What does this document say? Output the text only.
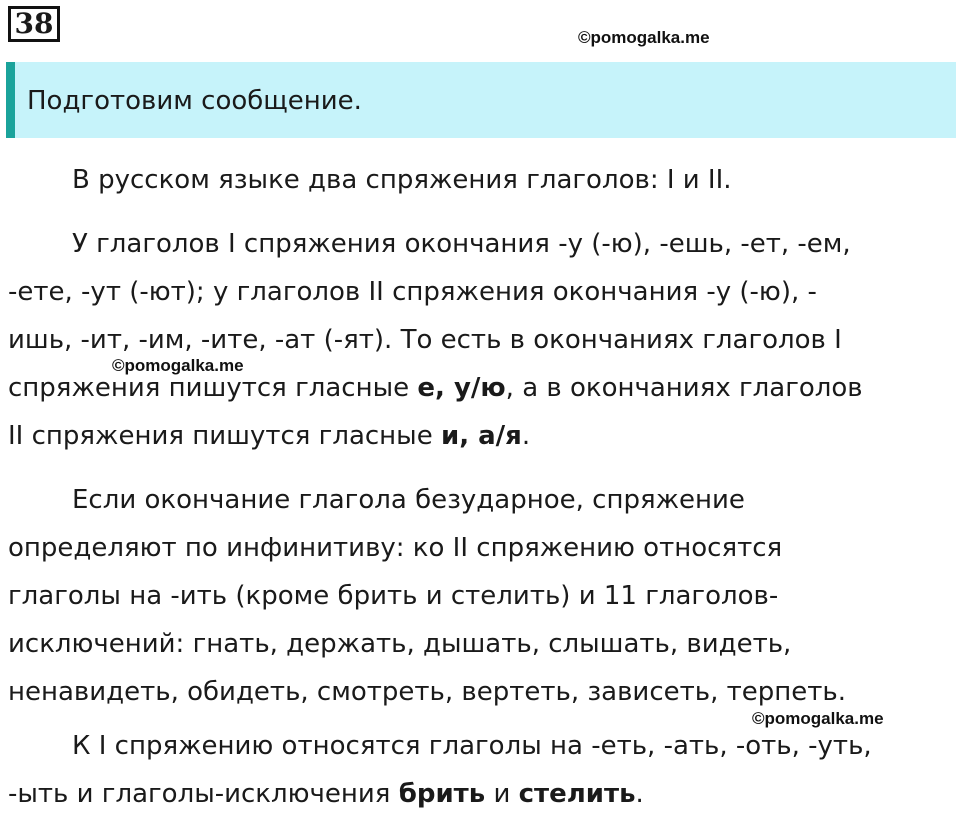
38	©pomogalka.me
Подготовим сообщение.
В русском языке два спряжения глаголов: I и II.
У глаголов I спряжения окончания -у (-ю), -ешь, -ет, -ем,
-ете, -ут (-ют); у глаголов II спряжения окончания -у (-ю), -
ишь, -ит, -им, -ите, -ат (-ят). То есть в окончаниях глаголов I
спряжения пишутся гласные е, у/ю, а в окончаниях глаголов
II спряжения пишутся гласные и, а/я.
©pomogalka.me
Если окончание глагола безударное, спряжение
определяют по инфинитиву: ко II спряжению относятся
глаголы на -ить (кроме брить и стелить) и 11 глаголов-
исключений: гнать, держать, дышать, слышать, видеть,
ненавидеть, обидеть, смотреть, вертеть, зависеть, терпеть.
©pomogalka.me
К I спряжению относятся глаголы на -еть, -ать, -оть, -уть,
-ыть и глаголы-исключения брить и стелить.
